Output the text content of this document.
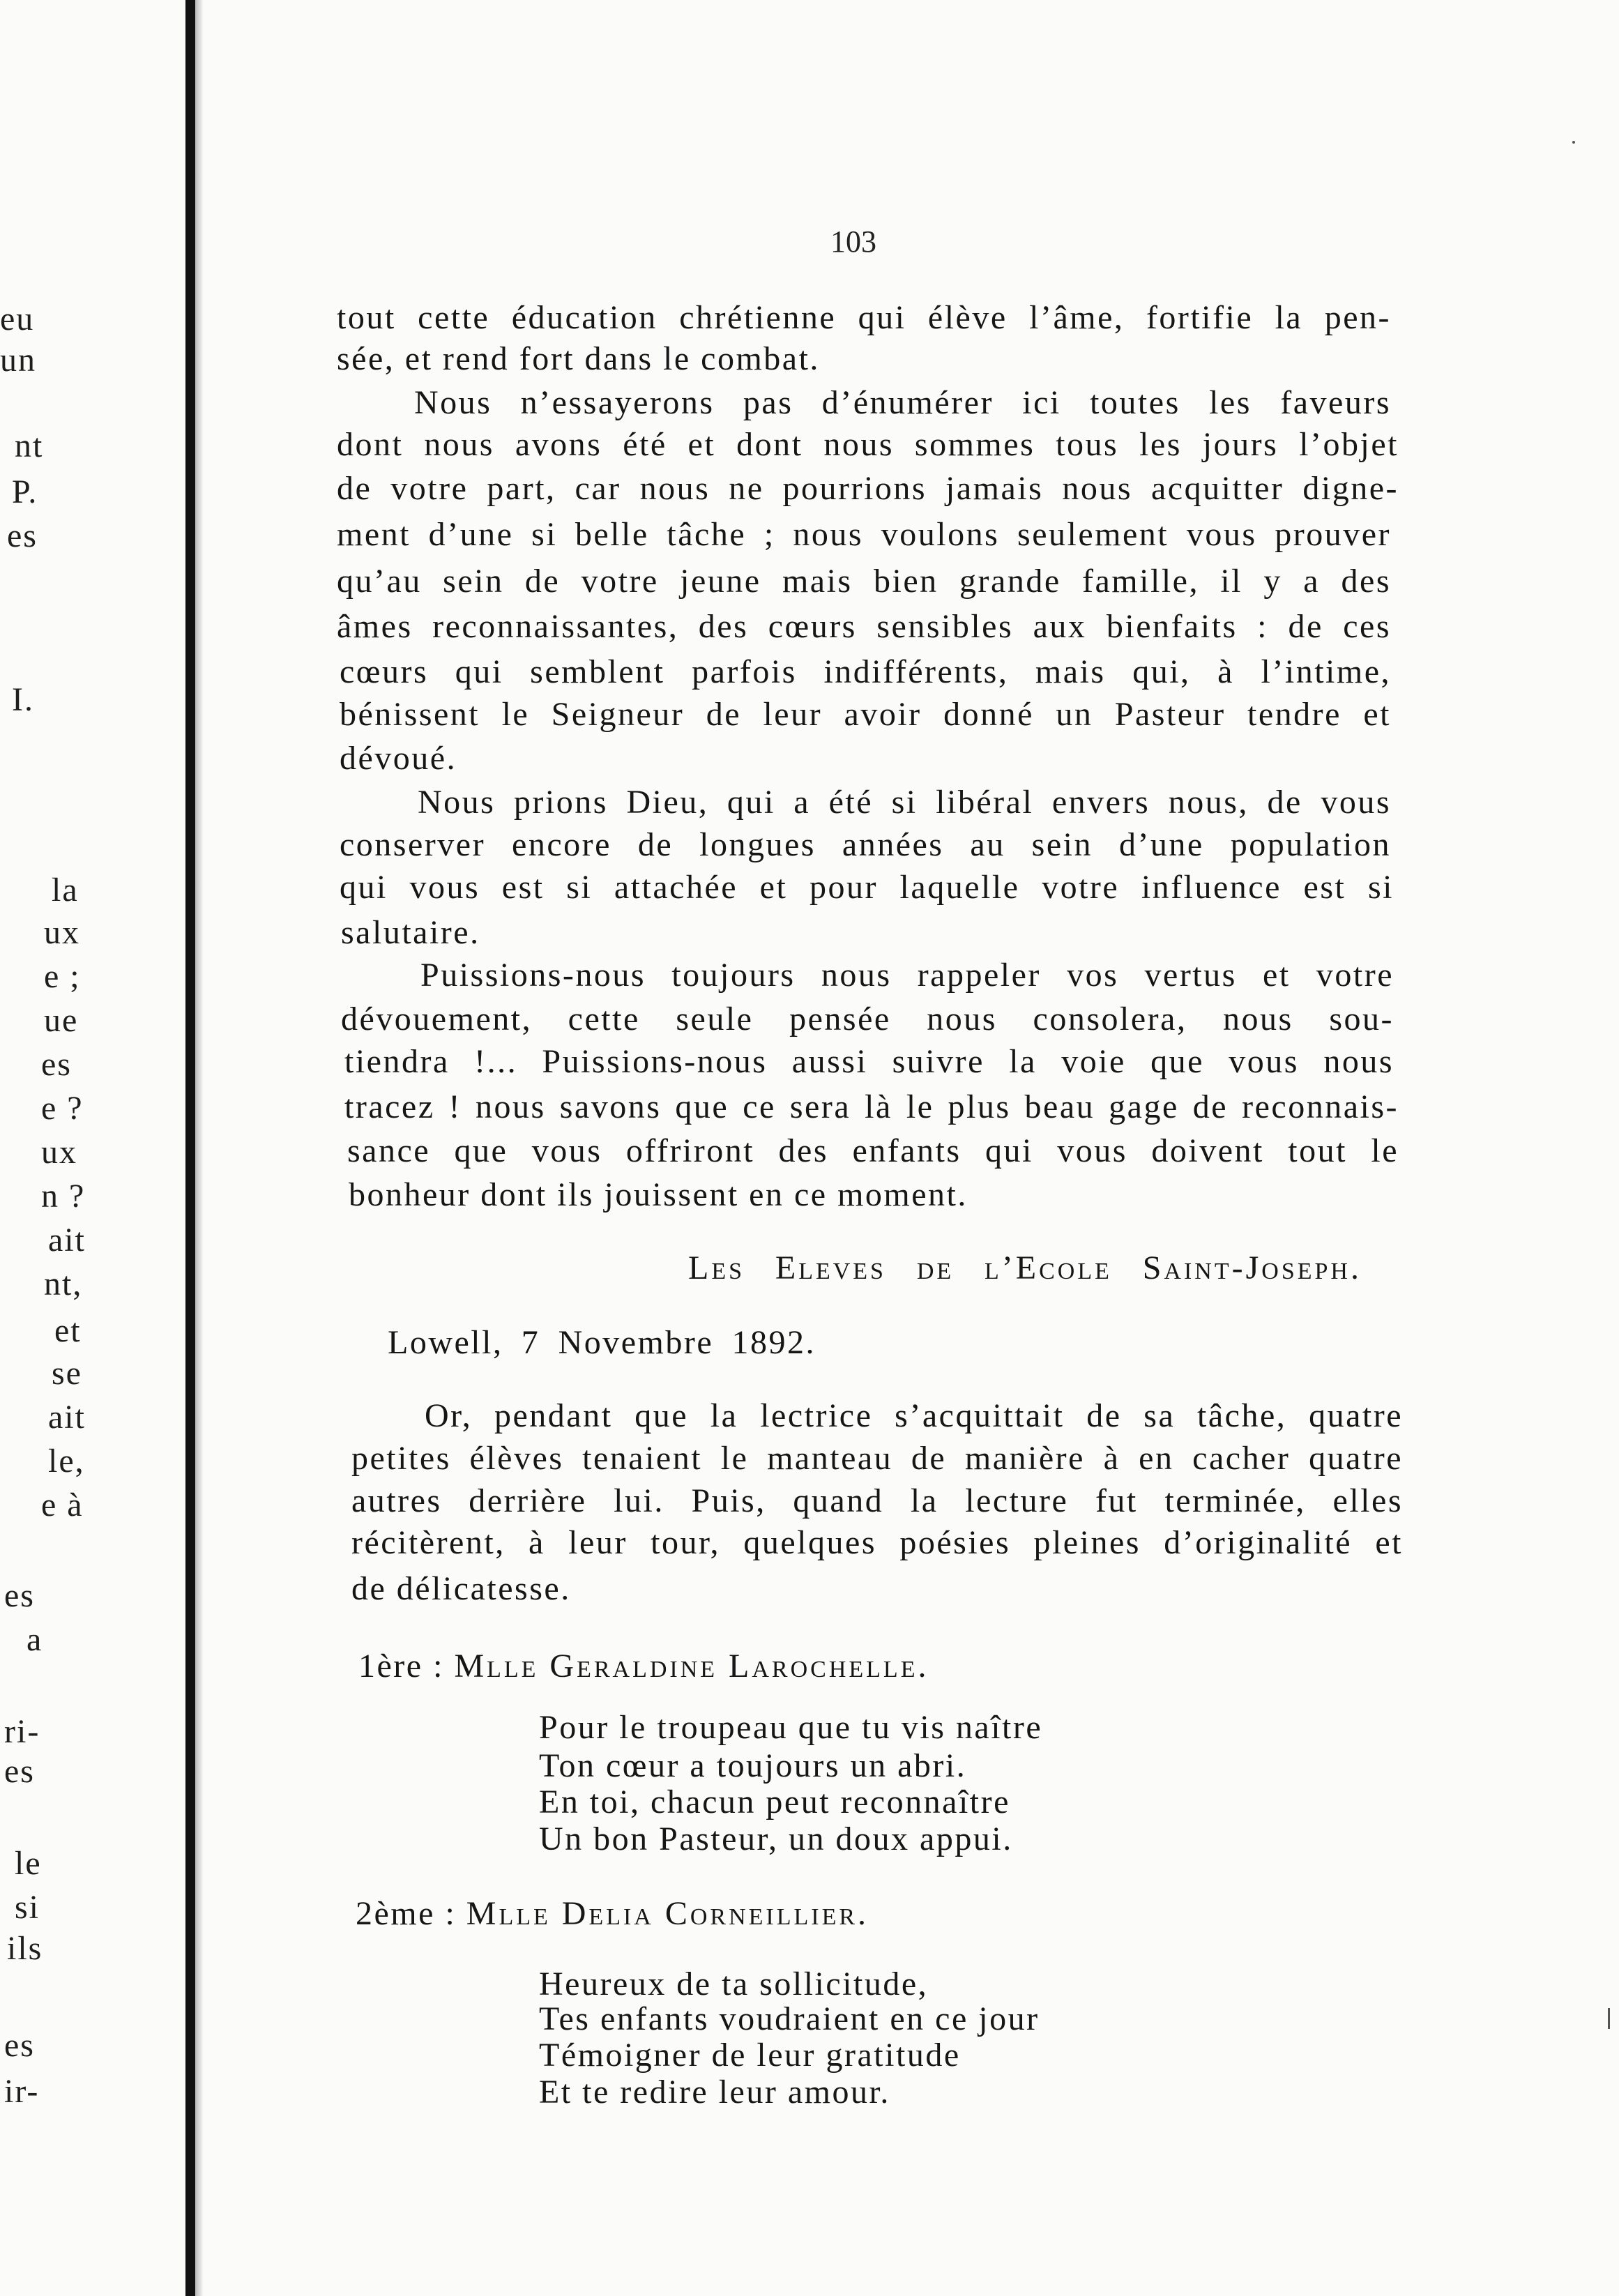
eu
un
nt
P.
es
I.
la
ux
e ;
ue
es
e ?
ux
n ?
ait
nt,
et
se
ait
le,
e à
es
a
ri-
es
le
si
ils
es
ir-
103
tout cette éducation chrétienne qui élève l’âme, fortifie la pen-
sée, et rend fort dans le combat.
Nous n’essayerons pas d’énumérer ici toutes les faveurs
dont nous avons été et dont nous sommes tous les jours l’objet
de votre part, car nous ne pourrions jamais nous acquitter digne-
ment d’une si belle tâche ; nous voulons seulement vous prouver
qu’au sein de votre jeune mais bien grande famille, il y a des
âmes reconnaissantes, des cœurs sensibles aux bienfaits : de ces
cœurs qui semblent parfois indifférents, mais qui, à l’intime,
bénissent le Seigneur de leur avoir donné un Pasteur tendre et
dévoué.
Nous prions Dieu, qui a été si libéral envers nous, de vous
conserver encore de longues années au sein d’une population
qui vous est si attachée et pour laquelle votre influence est si
salutaire.
Puissions-nous toujours nous rappeler vos vertus et votre
dévouement, cette seule pensée nous consolera, nous sou-
tiendra !... Puissions-nous aussi suivre la voie que vous nous
tracez ! nous savons que ce sera là le plus beau gage de reconnais-
sance que vous offriront des enfants qui vous doivent tout le
bonheur dont ils jouissent en ce moment.
Les Eleves de l’Ecole Saint-Joseph.
Lowell, 7 Novembre 1892.
Or, pendant que la lectrice s’acquittait de sa tâche, quatre
petites élèves tenaient le manteau de manière à en cacher quatre
autres derrière lui. Puis, quand la lecture fut terminée, elles
récitèrent, à leur tour, quelques poésies pleines d’originalité et
de délicatesse.
1ère : Mlle Geraldine Larochelle.
Pour le troupeau que tu vis naître
Ton cœur a toujours un abri.
En toi, chacun peut reconnaître
Un bon Pasteur, un doux appui.
2ème : Mlle Delia Corneillier.
Heureux de ta sollicitude,
Tes enfants voudraient en ce jour
Témoigner de leur gratitude
Et te redire leur amour.
